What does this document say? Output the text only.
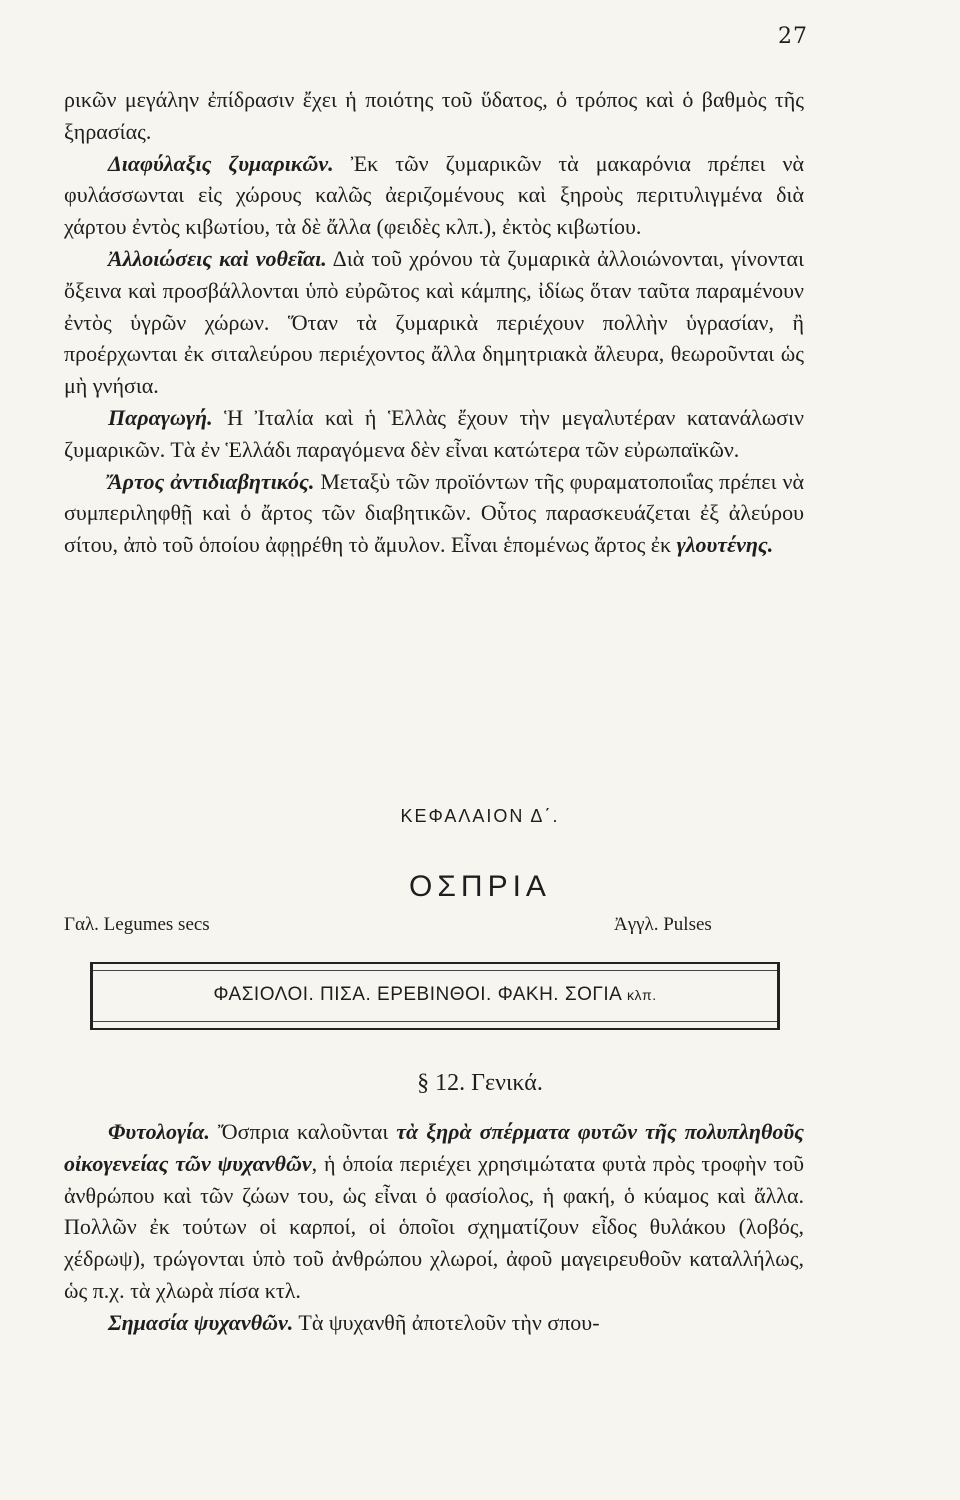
27

ρικῶν μεγάλην ἐπίδρασιν ἔχει ἡ ποιότης τοῦ ὕδατος, ὁ τρόπος καὶ ὁ βαθμὸς τῆς ξηρασίας.

Διαφύλαξις ζυμαρικῶν. Ἐκ τῶν ζυμαρικῶν τὰ μακαρόνια πρέπει νὰ φυλάσσωνται εἰς χώρους καλῶς ἀεριζομένους καὶ ξηροὺς περιτυλιγμένα διὰ χάρτου ἐντὸς κιβωτίου, τὰ δὲ ἄλλα (φειδὲς κλπ.), ἐκτὸς κιβωτίου.

Ἀλλοιώσεις καὶ νοθεῖαι. Διὰ τοῦ χρόνου τὰ ζυμαρικὰ ἀλλοιώνονται, γίνονται ὄξεινα καὶ προσβάλλονται ὑπὸ εὐρῶτος καὶ κάμπης, ἰδίως ὅταν ταῦτα παραμένουν ἐντὸς ὑγρῶν χώρων. Ὅταν τὰ ζυμαρικὰ περιέχουν πολλὴν ὑγρασίαν, ἢ προέρχωνται ἐκ σιταλεύρου περιέχοντος ἄλλα δημητριακὰ ἄλευρα, θεωροῦνται ὡς μὴ γνήσια.

Παραγωγή. Ἡ Ἰταλία καὶ ἡ Ἑλλὰς ἔχουν τὴν μεγαλυτέραν κατανάλωσιν ζυμαρικῶν. Τὰ ἐν Ἑλλάδι παραγόμενα δὲν εἶναι κατώτερα τῶν εὐρωπαϊκῶν.

Ἄρτος ἀντιδιαβητικός. Μεταξὺ τῶν προϊόντων τῆς φυραματοποιΐας πρέπει νὰ συμπεριληφθῇ καὶ ὁ ἄρτος τῶν διαβητικῶν. Οὗτος παρασκευάζεται ἐξ ἀλεύρου σίτου, ἀπὸ τοῦ ὁποίου ἀφῃρέθη τὸ ἄμυλον. Εἶναι ἑπομένως ἄρτος ἐκ γλουτένης.

ΚΕΦΑΛΑΙΟΝ Δ΄.
ΟΣΠΡΙΑ
Γαλ. Legumes secs	Ἀγγλ. Pulses
ΦΑΣΙΟΛΟΙ. ΠΙΣΑ. ΕΡΕΒΙΝΘΟΙ. ΦΑΚΗ. ΣΟΓΙΑ κλπ.
§ 12. Γενικά.

Φυτολογία. Ὄσπρια καλοῦνται τὰ ξηρὰ σπέρματα φυτῶν τῆς πολυπληθοῦς οἰκογενείας τῶν ψυχανθῶν, ἡ ὁποία περιέχει χρησιμώτατα φυτὰ πρὸς τροφὴν τοῦ ἀνθρώπου καὶ τῶν ζώων του, ὡς εἶναι ὁ φασίολος, ἡ φακή, ὁ κύαμος καὶ ἄλλα. Πολλῶν ἐκ τούτων οἱ καρποί, οἱ ὁποῖοι σχηματίζουν εἶδος θυλάκου (λοβός, χέδρωψ), τρώγονται ὑπὸ τοῦ ἀνθρώπου χλωροί, ἀφοῦ μαγειρευθοῦν καταλλήλως, ὡς π.χ. τὰ χλωρὰ πίσα κτλ.

Σημασία ψυχανθῶν. Τὰ ψυχανθῆ ἀποτελοῦν τὴν σπου-
